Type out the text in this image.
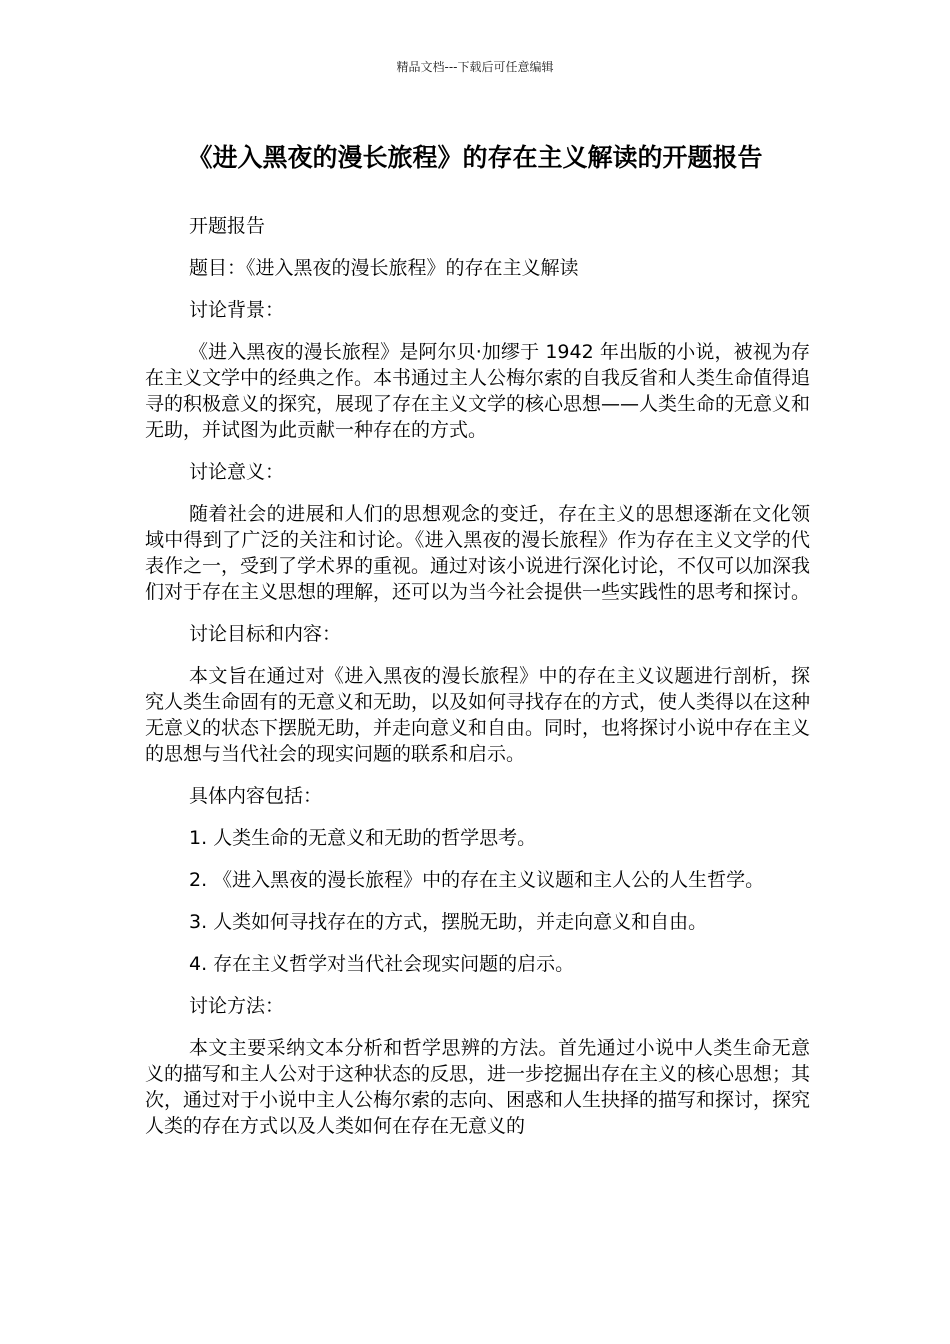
精品文档---下载后可任意编辑
《进入黑夜的漫长旅程》的存在主义解读的开题报告

开题报告

题目：《进入黑夜的漫长旅程》的存在主义解读

讨论背景：

《进入黑夜的漫长旅程》是阿尔贝·加缪于 1942 年出版的小说，被视为存在主义文学中的经典之作。本书通过主人公梅尔索的自我反省和人类生命值得追寻的积极意义的探究，展现了存在主义文学的核心思想——人类生命的无意义和无助，并试图为此贡献一种存在的方式。

讨论意义：

随着社会的进展和人们的思想观念的变迁，存在主义的思想逐渐在文化领域中得到了广泛的关注和讨论。《进入黑夜的漫长旅程》作为存在主义文学的代表作之一，受到了学术界的重视。通过对该小说进行深化讨论，不仅可以加深我们对于存在主义思想的理解，还可以为当今社会提供一些实践性的思考和探讨。

讨论目标和内容：

本文旨在通过对《进入黑夜的漫长旅程》中的存在主义议题进行剖析，探究人类生命固有的无意义和无助，以及如何寻找存在的方式，使人类得以在这种无意义的状态下摆脱无助，并走向意义和自由。同时，也将探讨小说中存在主义的思想与当代社会的现实问题的联系和启示。

具体内容包括：

1. 人类生命的无意义和无助的哲学思考。

2. 《进入黑夜的漫长旅程》中的存在主义议题和主人公的人生哲学。

3. 人类如何寻找存在的方式，摆脱无助，并走向意义和自由。

4. 存在主义哲学对当代社会现实问题的启示。

讨论方法：

本文主要采纳文本分析和哲学思辨的方法。首先通过小说中人类生命无意义的描写和主人公对于这种状态的反思，进一步挖掘出存在主义的核心思想；其次，通过对于小说中主人公梅尔索的志向、困惑和人生抉择的描写和探讨，探究人类的存在方式以及人类如何在存在无意义的
